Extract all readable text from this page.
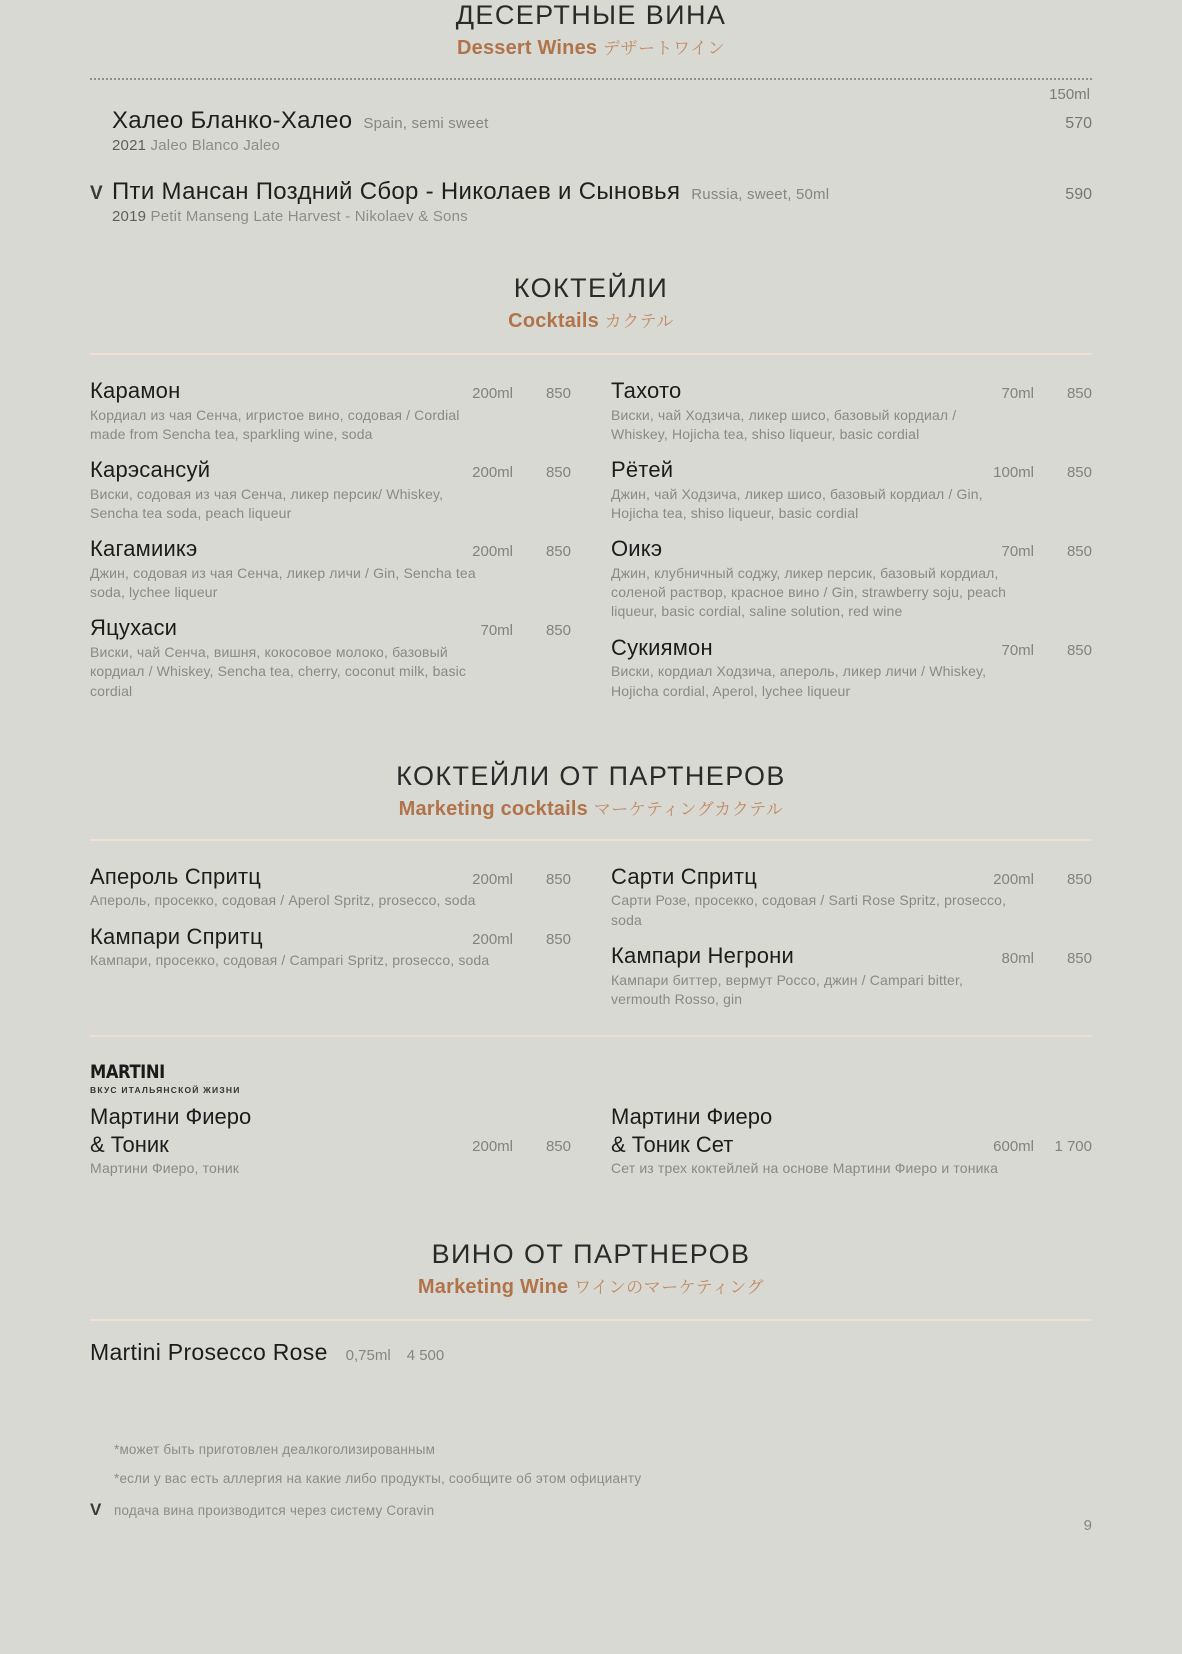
ДЕСЕРТНЫЕ ВИНА
Dessert Wines デザートワイン
150ml
Халео Бланко-Халео Spain, semi sweet	570
2021 Jaleo Blanco Jaleo
V Пти Мансан Поздний Сбор - Николаев и Сыновья Russia, sweet, 50ml	590
2019 Petit Manseng Late Harvest - Nikolaev & Sons
КОКТЕЙЛИ
Cocktails カクテル
Карамон	200ml	850
Кордиал из чая Сенча, игристое вино, содовая / Cordial made from Sencha tea, sparkling wine, soda
Карэсансуй	200ml	850
Виски, содовая из чая Сенча, ликер персик/ Whiskey, Sencha tea soda, peach liqueur
Кагамиикэ	200ml	850
Джин, содовая из чая Сенча, ликер личи / Gin, Sencha tea soda, lychee liqueur
Яцухаси	70ml	850
Виски, чай Сенча, вишня, кокосовое молоко, базовый кордиал / Whiskey, Sencha tea, cherry, coconut milk, basic cordial
Тахото	70ml	850
Виски, чай Ходзича, ликер шисо, базовый кордиал / Whiskey, Hojicha tea, shiso liqueur, basic cordial
Рётей	100ml	850
Джин, чай Ходзича, ликер шисо, базовый кордиал / Gin, Hojicha tea, shiso liqueur, basic cordial
Оикэ	70ml	850
Джин, клубничный соджу, ликер персик, базовый кордиал, соленой раствор, красное вино / Gin, strawberry soju, peach liqueur, basic cordial, saline solution, red wine
Сукиямон	70ml	850
Виски, кордиал Ходзича, апероль, ликер личи / Whiskey, Hojicha cordial, Aperol, lychee liqueur
КОКТЕЙЛИ ОТ ПАРТНЕРОВ
Marketing cocktails マーケティングカクテル
Апероль Спритц	200ml	850
Апероль, просекко, содовая / Aperol Spritz, prosecco, soda
Кампари Спритц	200ml	850
Кампари, просекко, содовая / Campari Spritz, prosecco, soda
Сарти Спритц	200ml	850
Сарти Розе, просекко, содовая / Sarti Rose Spritz, prosecco, soda
Кампари Негрони	80ml	850
Кампари биттер, вермут Россо, джин / Campari bitter, vermouth Rosso, gin
MARTINI
ВКУС ИТАЛЬЯНСКОЙ ЖИЗНИ
Мартини Фиеро
& Тоник	200ml	850
Мартини Фиеро, тоник
Мартини Фиеро
& Тоник Сет	600ml	1 700
Сет из трех коктейлей на основе Мартини Фиеро и тоника
ВИНО ОТ ПАРТНЕРОВ
Marketing Wine ワインのマーケティング
Martini Prosecco Rose 0,75ml 4 500
*может быть приготовлен деалкоголизированным
*если у вас есть аллергия на какие либо продукты, сообщите об этом официанту
V подача вина производится через систему Coravin
9
